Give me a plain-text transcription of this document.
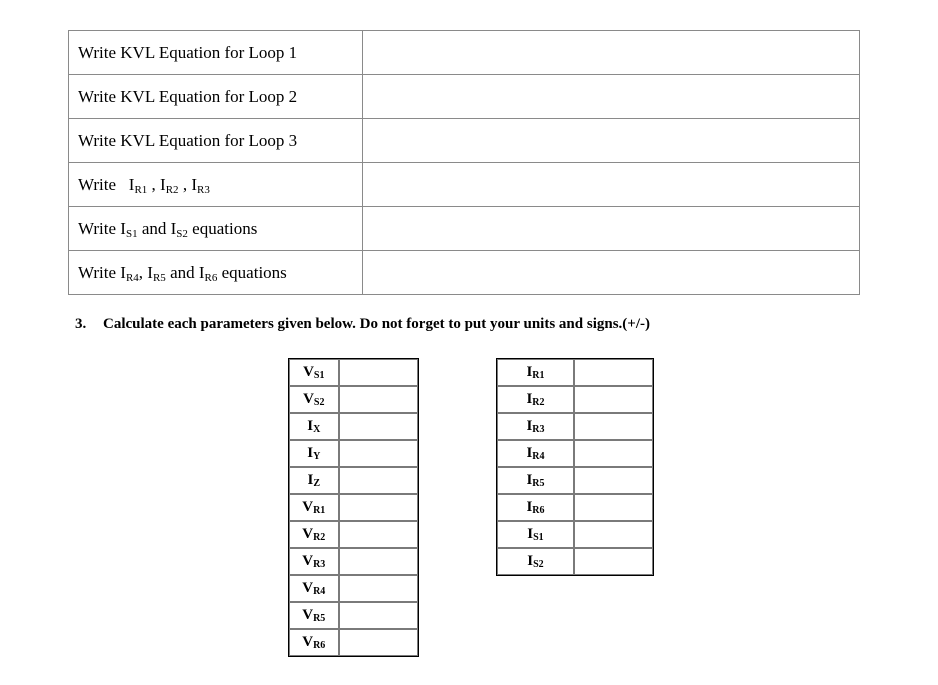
Write KVL Equation for Loop 1	
Write KVL Equation for Loop 2	
Write KVL Equation for Loop 3	
Write IR1 , IR2 , IR3	
Write IS1 and IS2 equations	
Write IR4, IR5 and IR6 equations	
3. Calculate each parameters given below. Do not forget to put your units and signs.(+/-)
VS1	
VS2	
IX	
IY	
IZ	
VR1	
VR2	
VR3	
VR4	
VR5	
VR6	
IR1	
IR2	
IR3	
IR4	
IR5	
IR6	
IS1	
IS2	
